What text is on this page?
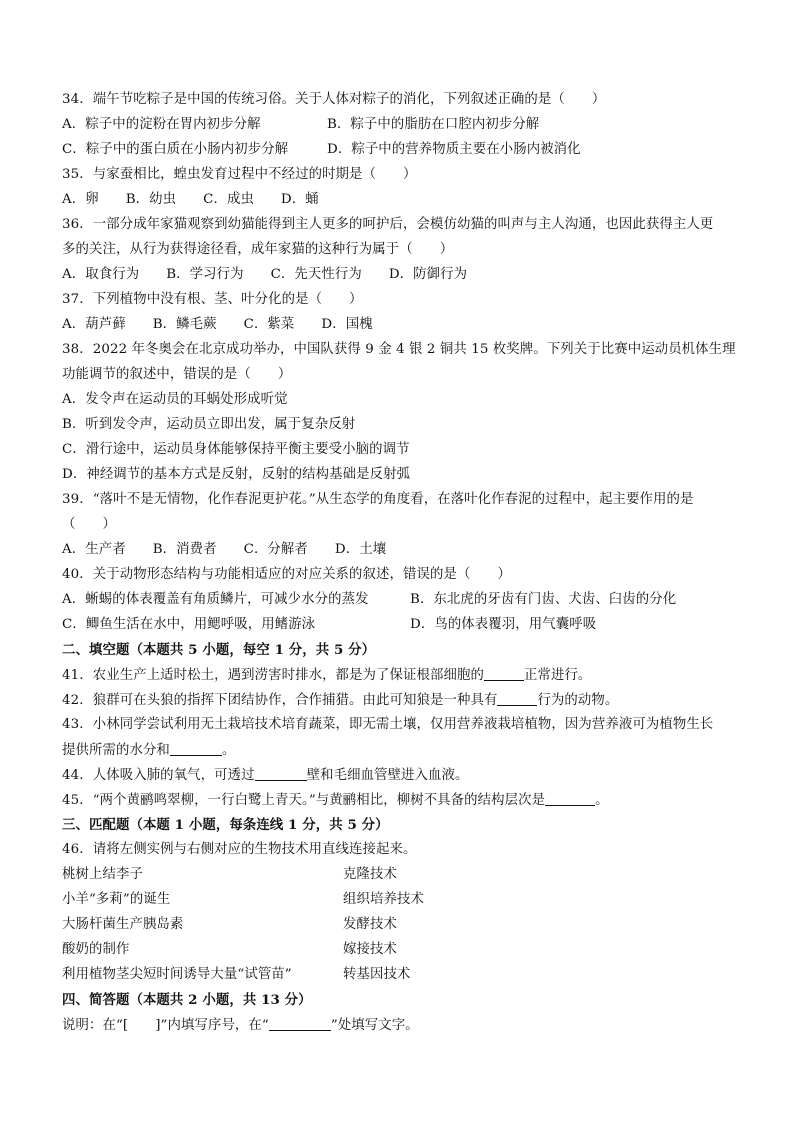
34．端午节吃粽子是中国的传统习俗。关于人体对粽子的消化，下列叙述正确的是（　　）
A．粽子中的淀粉在胃内初步分解	B．粽子中的脂肪在口腔内初步分解
C．粽子中的蛋白质在小肠内初步分解	D．粽子中的营养物质主要在小肠内被消化
35．与家蚕相比，蝗虫发育过程中不经过的时期是（　　）
A．卵　　B．幼虫　　C．成虫　　D．蛹
36．一部分成年家猫观察到幼猫能得到主人更多的呵护后，会模仿幼猫的叫声与主人沟通，也因此获得主人更
多的关注，从行为获得途径看，成年家猫的这种行为属于（　　）
A．取食行为　　B．学习行为　　C．先天性行为　　D．防御行为
37．下列植物中没有根、茎、叶分化的是（　　）
A．葫芦藓　　B．鳞毛蕨　　C．紫菜　　D．国槐
38．2022 年冬奥会在北京成功举办，中国队获得 9 金 4 银 2 铜共 15 枚奖牌。下列关于比赛中运动员机体生理
功能调节的叙述中，错误的是（　　）
A．发令声在运动员的耳蜗处形成听觉
B．听到发令声，运动员立即出发，属于复杂反射
C．滑行途中，运动员身体能够保持平衡主要受小脑的调节
D．神经调节的基本方式是反射，反射的结构基础是反射弧
39．“落叶不是无情物，化作春泥更护花。”从生态学的角度看，在落叶化作春泥的过程中，起主要作用的是
（　　）
A．生产者　　B．消费者　　C．分解者　　D．土壤
40．关于动物形态结构与功能相适应的对应关系的叙述，错误的是（　　）
A．蜥蜴的体表覆盖有角质鳞片，可减少水分的蒸发	B．东北虎的牙齿有门齿、犬齿、臼齿的分化
C．鲫鱼生活在水中，用鳃呼吸，用鳍游泳	D．鸟的体表覆羽，用气囊呼吸
二、填空题（本题共 5 小题，每空 1 分，共 5 分）
41．农业生产上适时松土，遇到涝害时排水，都是为了保证根部细胞的	正常进行。
42．狼群可在头狼的指挥下团结协作，合作捕猎。由此可知狼是一种具有	行为的动物。
43．小林同学尝试利用无土栽培技术培育蔬菜，即无需土壤，仅用营养液栽培植物，因为营养液可为植物生长
提供所需的水分和	。
44．人体吸入肺的氧气，可透过	壁和毛细血管壁进入血液。
45．“两个黄鹂鸣翠柳，一行白鹭上青天。”与黄鹂相比，柳树不具备的结构层次是	。
三、匹配题（本题 1 小题，每条连线 1 分，共 5 分）
46．请将左侧实例与右侧对应的生物技术用直线连接起来。
桃树上结李子	克隆技术
小羊“多莉”的诞生	组织培养技术
大肠杆菌生产胰岛素	发酵技术
酸奶的制作	嫁接技术
利用植物茎尖短时间诱导大量“试管苗”	转基因技术
四、简答题（本题共 2 小题，共 13 分）
说明：在“[　　]”内填写序号，在“	”处填写文字。
